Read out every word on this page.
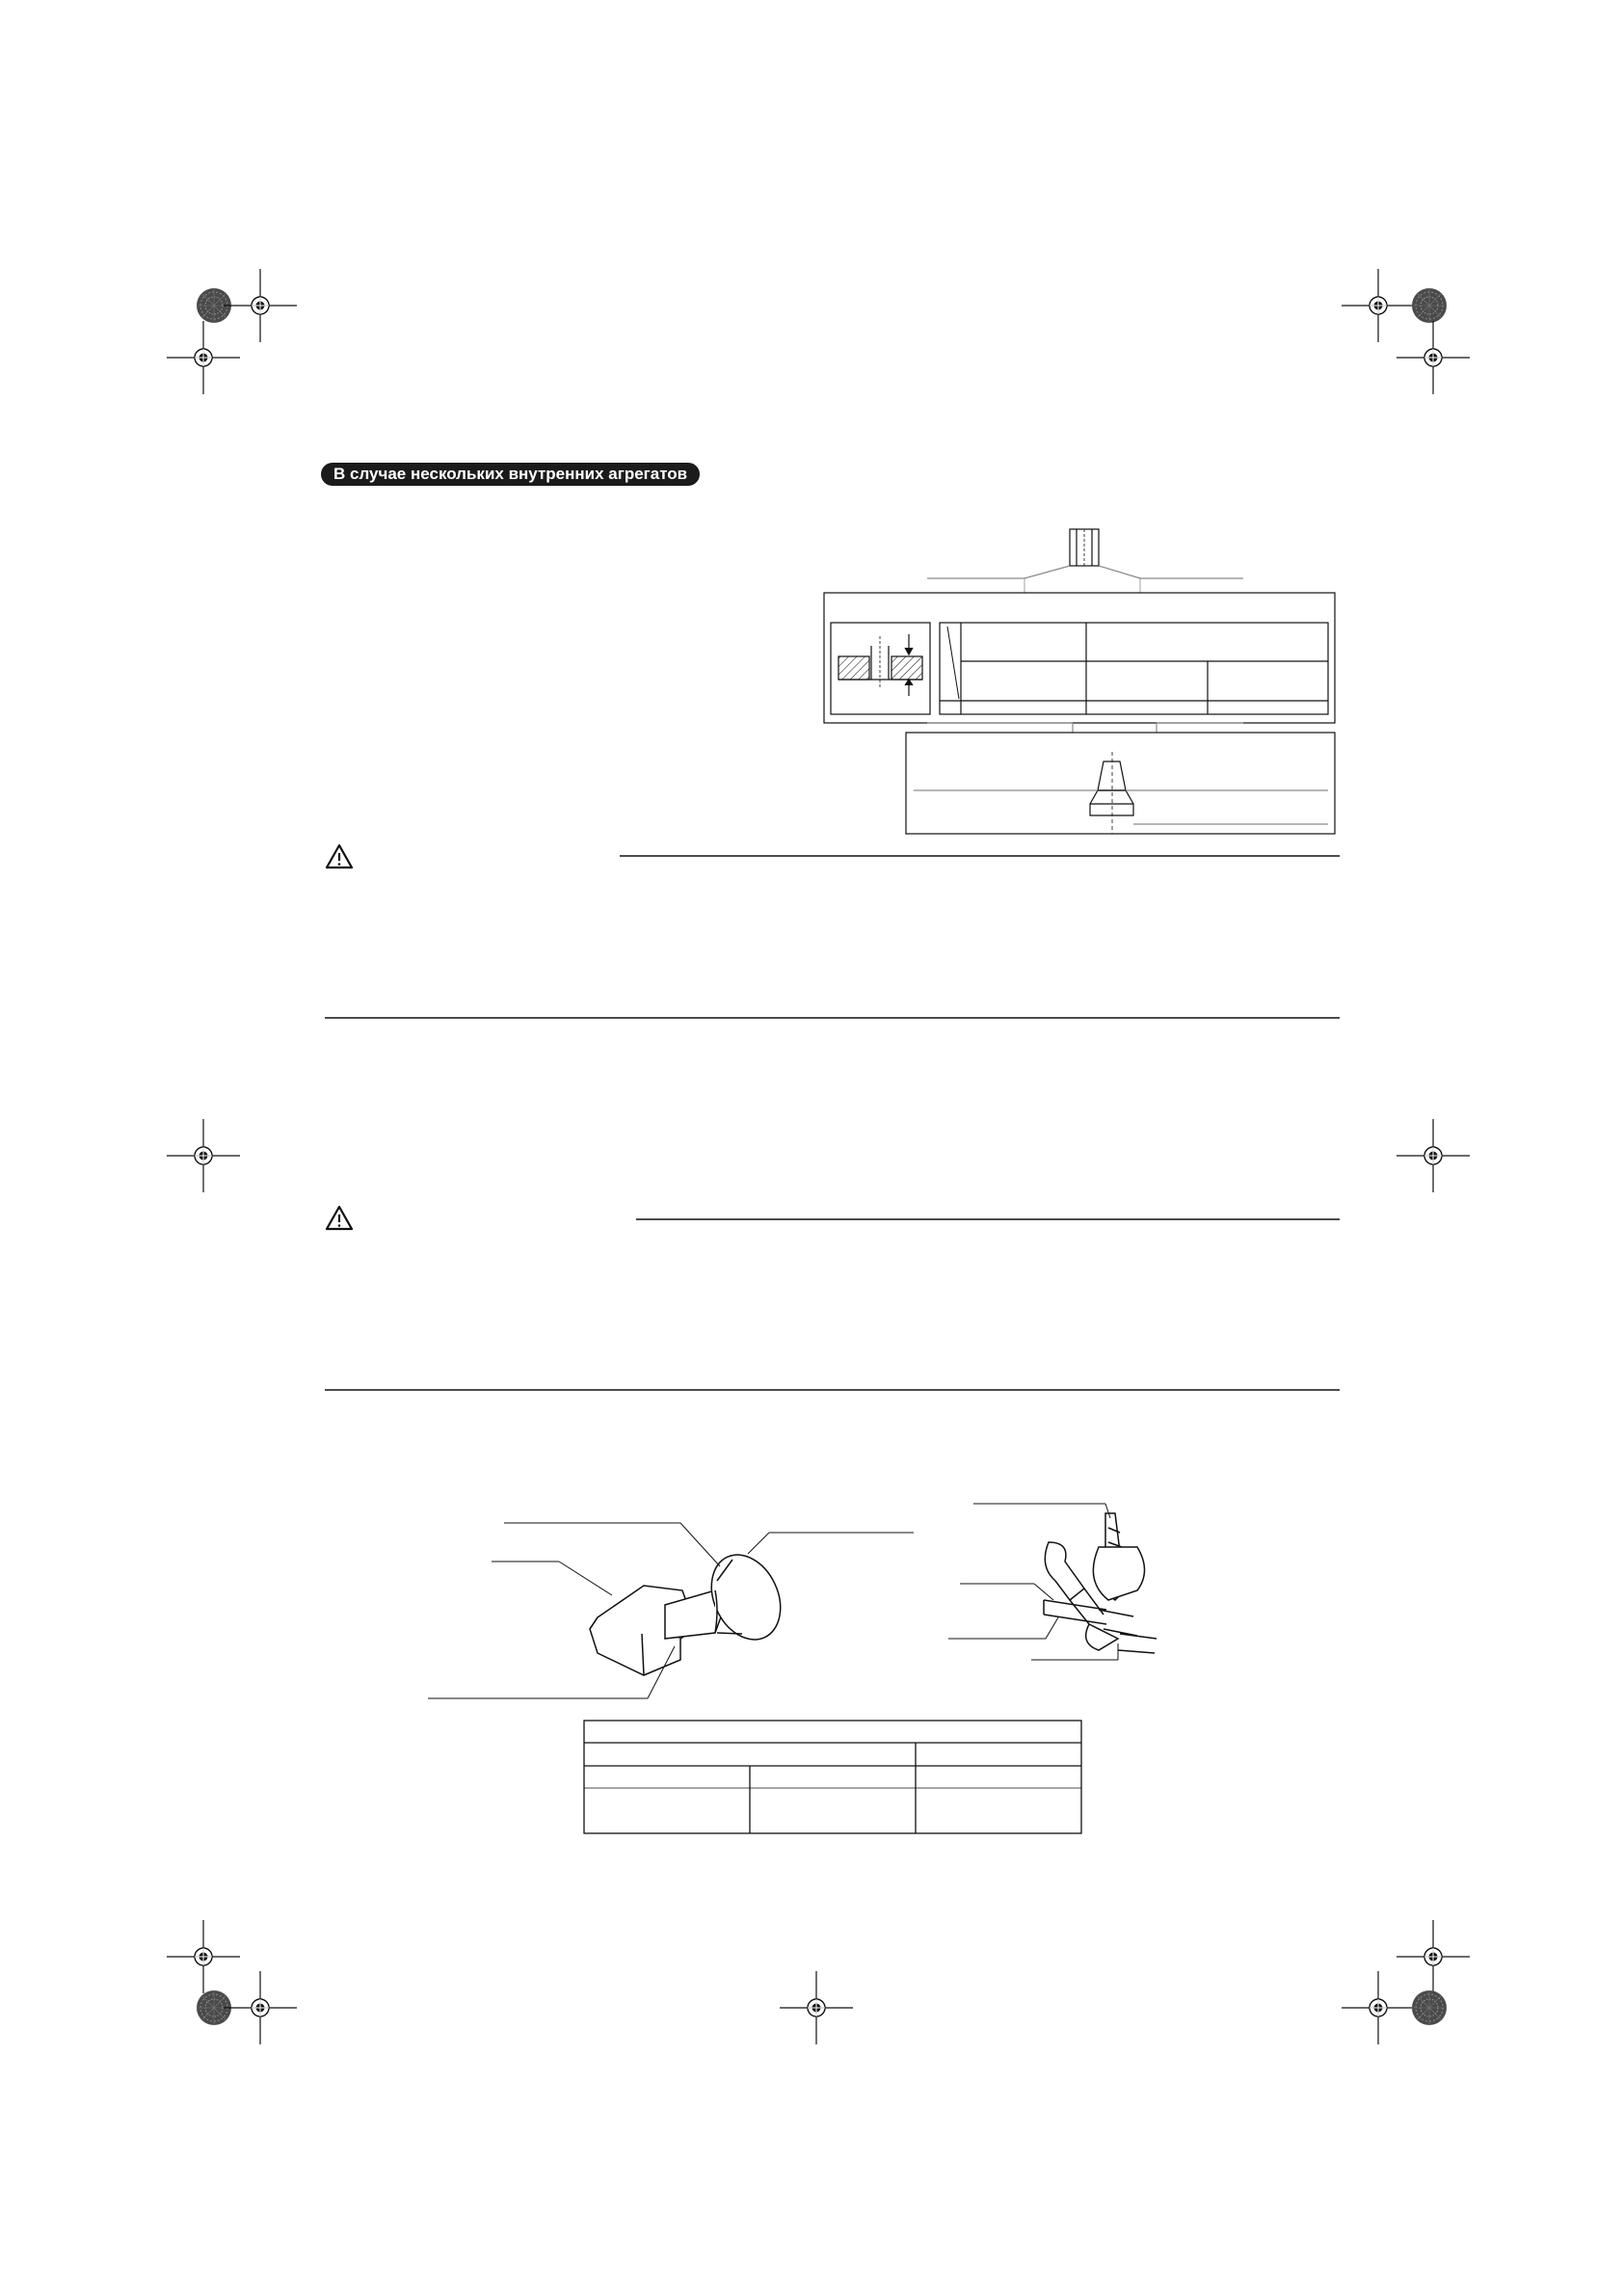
В случае нескольких внутренних агрегатов
